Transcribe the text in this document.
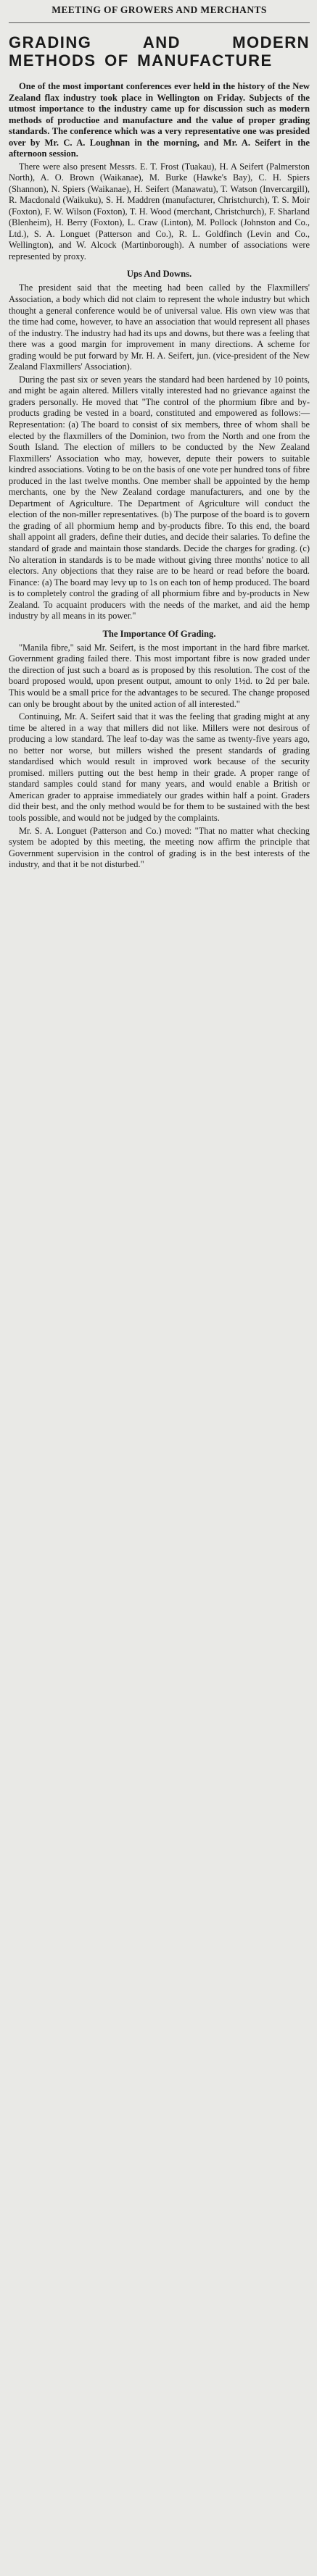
MEETING OF GROWERS AND MERCHANTS
GRADING AND MODERN METHODS OF MANUFACTURE

One of the most important conferences ever held in the history of the New Zealand flax industry took place in Wellington on Friday. Subjects of the utmost importance to the industry came up for discussion such as modern methods of productioe and manufacture and the value of proper grading standards. The conference which was a very representative one was presided over by Mr. C. A. Loughnan in the morning, and Mr. A. Seifert in the afternoon session.

There were also present Messrs. E. T. Frost (Tuakau), H. A Seifert (Palmerston North), A. O. Brown (Waikanae), M. Burke (Hawke's Bay), C. H. Spiers (Shannon), N. Spiers (Waikanae), H. Seifert (Manawatu), T. Watson (Invercargill), R. Macdonald (Waikuku), S. H. Maddren (manufacturer, Christchurch), T. S. Moir (Foxton), F. W. Wilson (Foxton), T. H. Wood (merchant, Christchurch), F. Sharland (Blenheim), H. Berry (Foxton), L. Craw (Linton), M. Pollock (Johnston and Co., Ltd.), S. A. Longuet (Patterson and Co.), R. L. Goldfinch (Levin and Co., Wellington), and W. Alcock (Martinborough). A number of associations were represented by proxy.

Ups And Downs.

The president said that the meeting had been called by the Flaxmillers' Association, a body which did not claim to represent the whole industry but which thought a general conference would be of universal value. His own view was that the time had come, however, to have an association that would represent all phases of the industry. The industry had had its ups and downs, but there was a feeling that there was a good margin for improvement in many directions. A scheme for grading would be put forward by Mr. H. A. Seifert, jun. (vice-president of the New Zealand Flaxmillers' Association).

During the past six or seven years the standard had been hardened by 10 points, and might be again altered. Millers vitally interested had no grievance against the graders personally. He moved that "The control of the phormium fibre and by-products grading be vested in a board, constituted and empowered as follows:—Representation: (a) The board to consist of six members, three of whom shall be elected by the flaxmillers of the Dominion, two from the North and one from the South Island. The election of millers to be conducted by the New Zealand Flaxmillers' Association who may, however, depute their powers to suitable kindred associations. Voting to be on the basis of one vote per hundred tons of fibre produced in the last twelve months. One member shall be appointed by the hemp merchants, one by the New Zealand cordage manufacturers, and one by the Department of Agriculture. The Department of Agriculture will conduct the election of the non-miller representatives. (b) The purpose of the board is to govern the grading of all phormium hemp and by-products fibre. To this end, the board shall appoint all graders, define their duties, and decide their salaries. To define the standard of grade and maintain those standards. Decide the charges for grading. (c) No alteration in standards is to be made without giving three months' notice to all electors. Any objections that they raise are to be heard or read before the board. Finance: (a) The board may levy up to 1s on each ton of hemp produced. The board is to completely control the grading of all phormium fibre and by-products in New Zealand. To acquaint producers with the needs of the market, and aid the hemp industry by all means in its power."

The Importance Of Grading.

"Manila fibre," said Mr. Seifert, is the most important in the hard fibre market. Government grading failed there. This most important fibre is now graded under the direction of just such a board as is proposed by this resolution. The cost of the board proposed would, upon present output, amount to only 1½d. to 2d per bale. This would be a small price for the advantages to be secured. The change proposed can only be brought about by the united action of all interested."

Continuing, Mr. A. Seifert said that it was the feeling that grading might at any time be altered in a way that millers did not like. Millers were not desirous of producing a low standard. The leaf to-day was the same as twenty-five years ago, no better nor worse, but millers wished the present standards of grading standardised which would result in improved work because of the security promised. millers putting out the best hemp in their grade. A proper range of standard samples could stand for many years, and would enable a British or American grader to appraise immediately our grades within half a point. Graders did their best, and the only method would be for them to be sustained with the best tools possible, and would not be judged by the complaints.

Mr. S. A. Longuet (Patterson and Co.) moved: "That no matter what checking system be adopted by this meeting, the meeting now affirm the principle that Government supervision in the control of grading is in the best interests of the industry, and that it be not disturbed."
